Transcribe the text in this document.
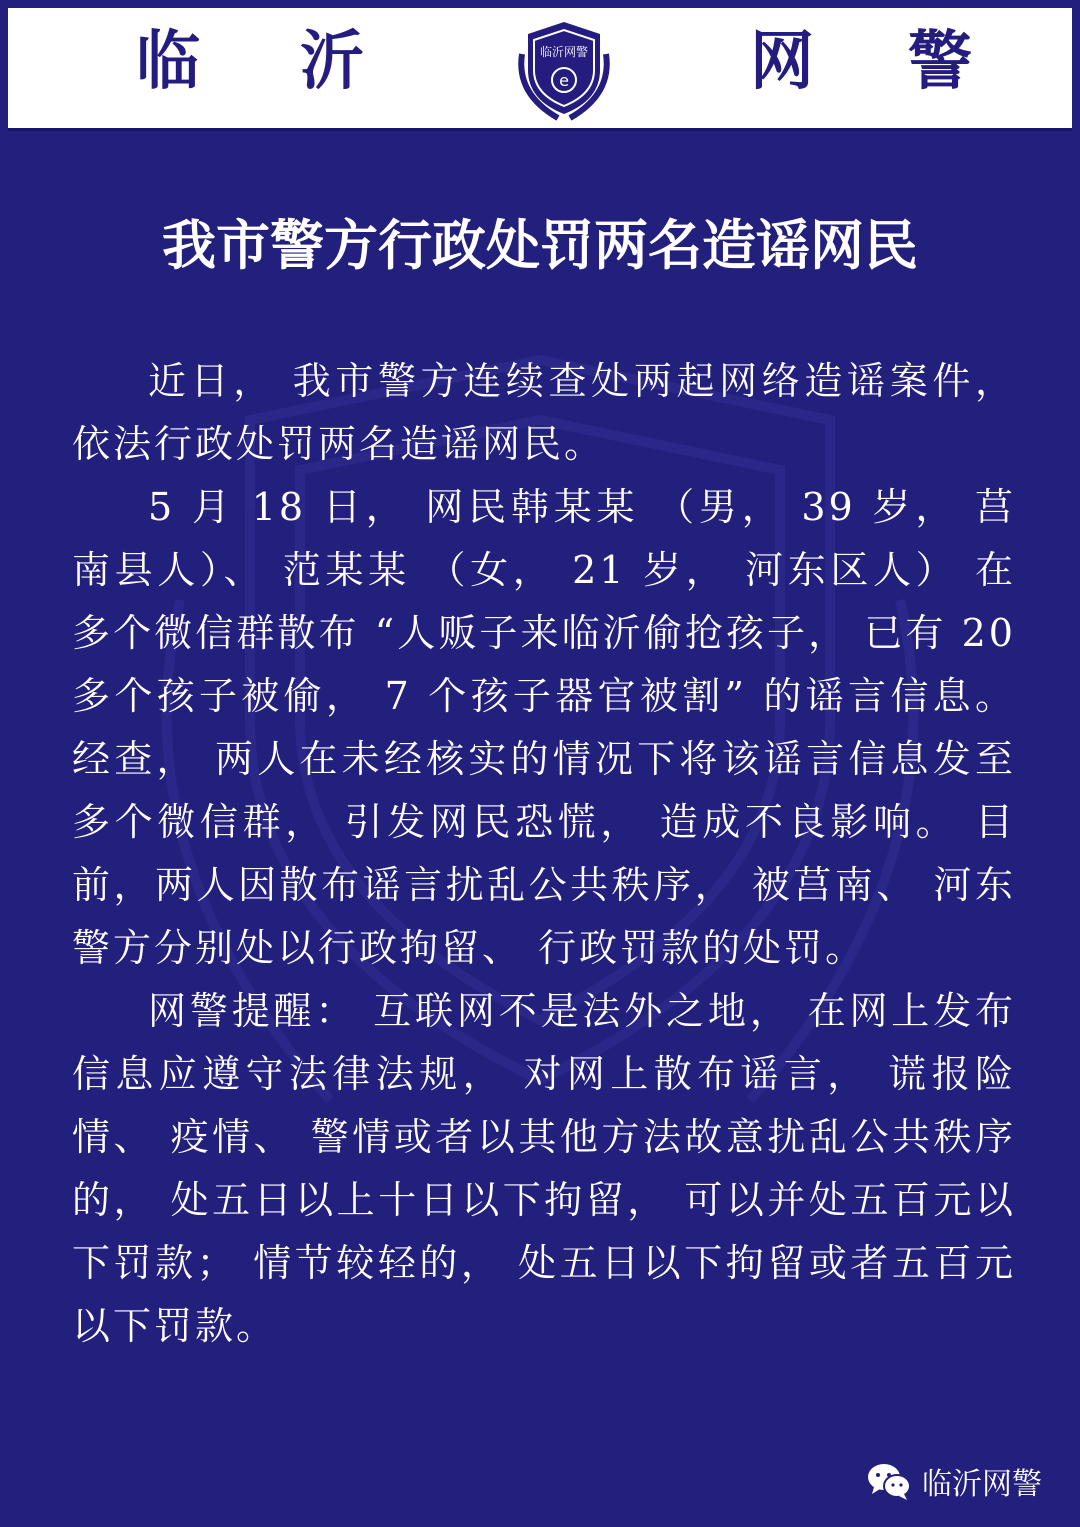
临 沂	临沂网警
e	网 警
我市警方行政处罚两名造谣网民

近日， 我市警方连续查处两起网络造谣案件， 依法行政处罚两名造谣网民。

5 月 18 日， 网民韩某某 （男， 39 岁， 莒南县人）、 范某某 （女， 21 岁， 河东区人） 在多个微信群散布 “人贩子来临沂偷抢孩子， 已有 20 多个孩子被偷， 7 个孩子器官被割” 的谣言信息。 经查， 两人在未经核实的情况下将该谣言信息发至多个微信群， 引发网民恐慌， 造成不良影响。 目前，两人因散布谣言扰乱公共秩序， 被莒南、 河东警方分别处以行政拘留、 行政罚款的处罚。

网警提醒： 互联网不是法外之地， 在网上发布信息应遵守法律法规， 对网上散布谣言， 谎报险情、 疫情、 警情或者以其他方法故意扰乱公共秩序的， 处五日以上十日以下拘留， 可以并处五百元以下罚款； 情节较轻的， 处五日以下拘留或者五百元以下罚款。

临沂网警
